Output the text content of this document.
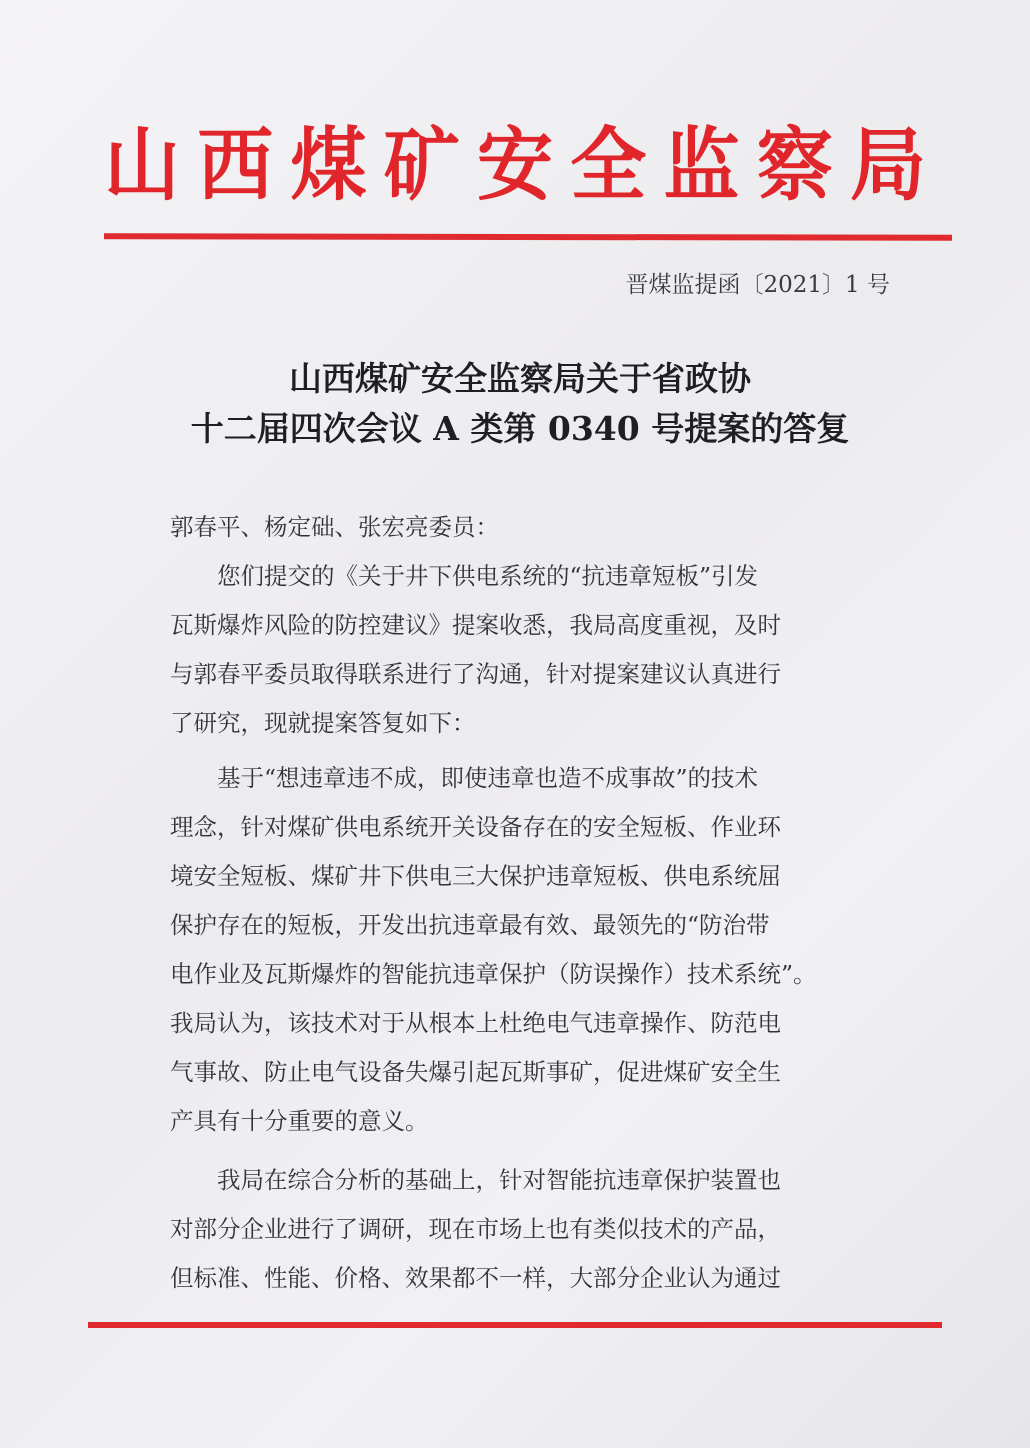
山 西 煤 矿 安 全 监 察 局
晋煤监提函〔2021〕1 号
山西煤矿安全监察局关于省政协
十二届四次会议 A 类第 0340 号提案的答复
郭春平、杨定础、张宏亮委员：
您们提交的《关于井下供电系统的“抗违章短板”引发
瓦斯爆炸风险的防控建议》提案收悉，我局高度重视，及时
与郭春平委员取得联系进行了沟通，针对提案建议认真进行
了研究，现就提案答复如下：
基于“想违章违不成，即使违章也造不成事故”的技术
理念，针对煤矿供电系统开关设备存在的安全短板、作业环
境安全短板、煤矿井下供电三大保护违章短板、供电系统屈
保护存在的短板，开发出抗违章最有效、最领先的“防治带
电作业及瓦斯爆炸的智能抗违章保护（防误操作）技术系统”。
我局认为，该技术对于从根本上杜绝电气违章操作、防范电
气事故、防止电气设备失爆引起瓦斯事矿，促进煤矿安全生
产具有十分重要的意义。
我局在综合分析的基础上，针对智能抗违章保护装置也
对部分企业进行了调研，现在市场上也有类似技术的产品，
但标准、性能、价格、效果都不一样，大部分企业认为通过
